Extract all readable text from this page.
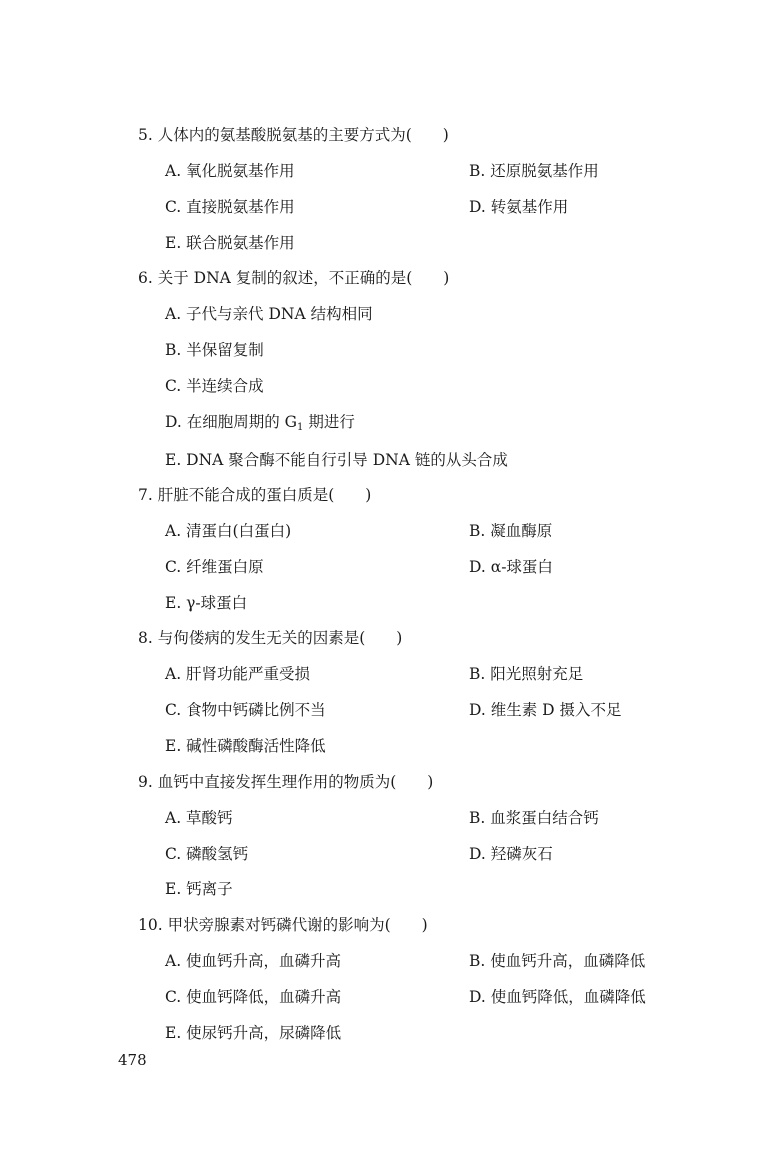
5. 人体内的氨基酸脱氨基的主要方式为(　　)
A. 氧化脱氨基作用	B. 还原脱氨基作用
C. 直接脱氨基作用	D. 转氨基作用
E. 联合脱氨基作用
6. 关于 DNA 复制的叙述，不正确的是(　　)
A. 子代与亲代 DNA 结构相同
B. 半保留复制
C. 半连续合成
D. 在细胞周期的 $G_1$ 期进行
E. DNA 聚合酶不能自行引导 DNA 链的从头合成
7. 肝脏不能合成的蛋白质是(　　)
A. 清蛋白(白蛋白)	B. 凝血酶原
C. 纤维蛋白原	D. α-球蛋白
E. γ-球蛋白
8. 与佝偻病的发生无关的因素是(　　)
A. 肝肾功能严重受损	B. 阳光照射充足
C. 食物中钙磷比例不当	D. 维生素 D 摄入不足
E. 碱性磷酸酶活性降低
9. 血钙中直接发挥生理作用的物质为(　　)
A. 草酸钙	B. 血浆蛋白结合钙
C. 磷酸氢钙	D. 羟磷灰石
E. 钙离子
10. 甲状旁腺素对钙磷代谢的影响为(　　)
A. 使血钙升高，血磷升高	B. 使血钙升高，血磷降低
C. 使血钙降低，血磷升高	D. 使血钙降低，血磷降低
E. 使尿钙升高，尿磷降低
478
